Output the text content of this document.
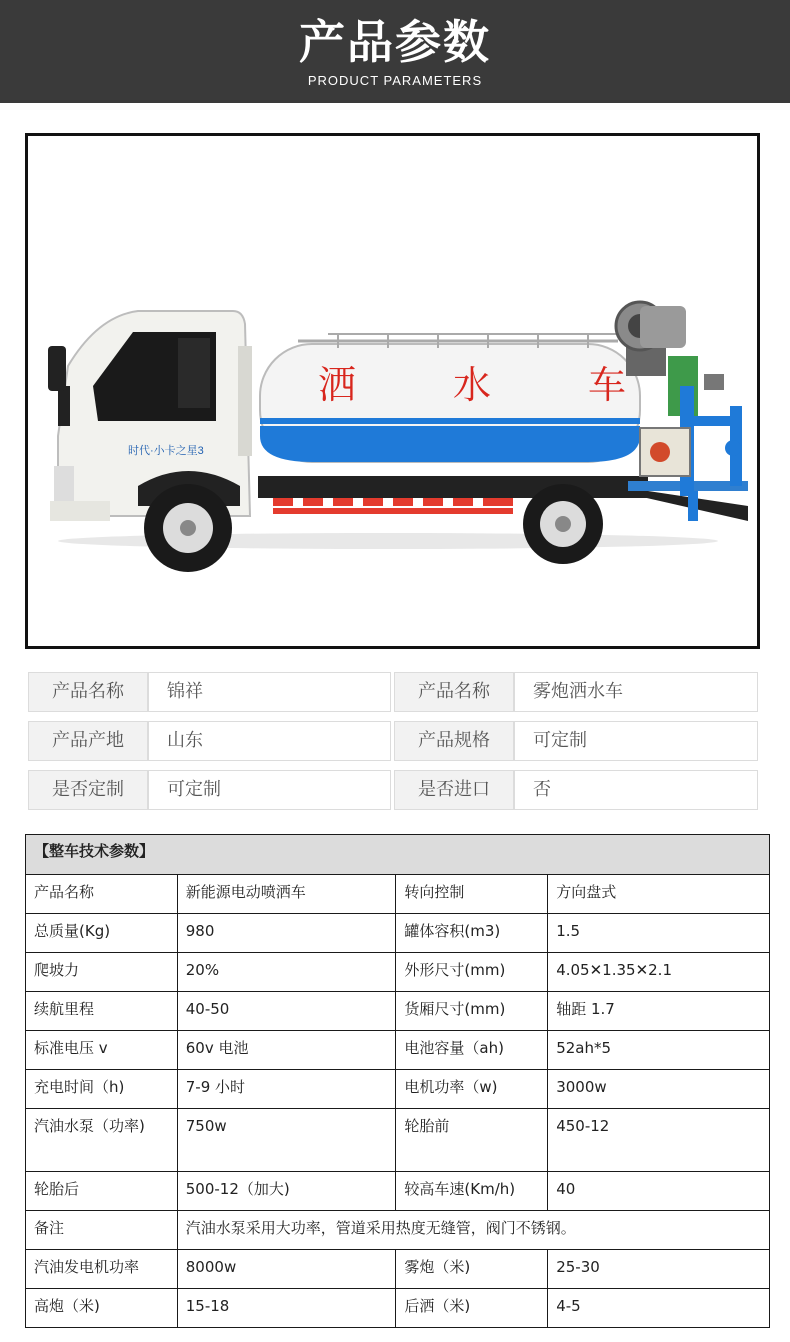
产品参数
PRODUCT PARAMETERS
洒	水	车
时代·小卡之星3
产品名称	锦祥	产品名称	雾炮洒水车
产品产地	山东	产品规格	可定制
是否定制	可定制	是否进口	否
【整车技术参数】			
产品名称	新能源电动喷洒车	转向控制	方向盘式
总质量(Kg)	980	罐体容积(m3)	1.5
爬坡力	20%	外形尺寸(mm)	4.05✕1.35✕2.1
续航里程	40-50	货厢尺寸(mm)	轴距 1.7
标准电压 v	60v 电池	电池容量（ah)	52ah*5
充电时间（h)	7-9 小时	电机功率（w)	3000w
汽油水泵（功率)	750w	轮胎前	450-12
轮胎后	500-12（加大)	较高车速(Km/h)	40
备注	汽油水泵采用大功率，管道采用热度无缝管，阀门不锈钢。		
汽油发电机功率	8000w	雾炮（米)	25-30
高炮（米)	15-18	后洒（米)	4-5
